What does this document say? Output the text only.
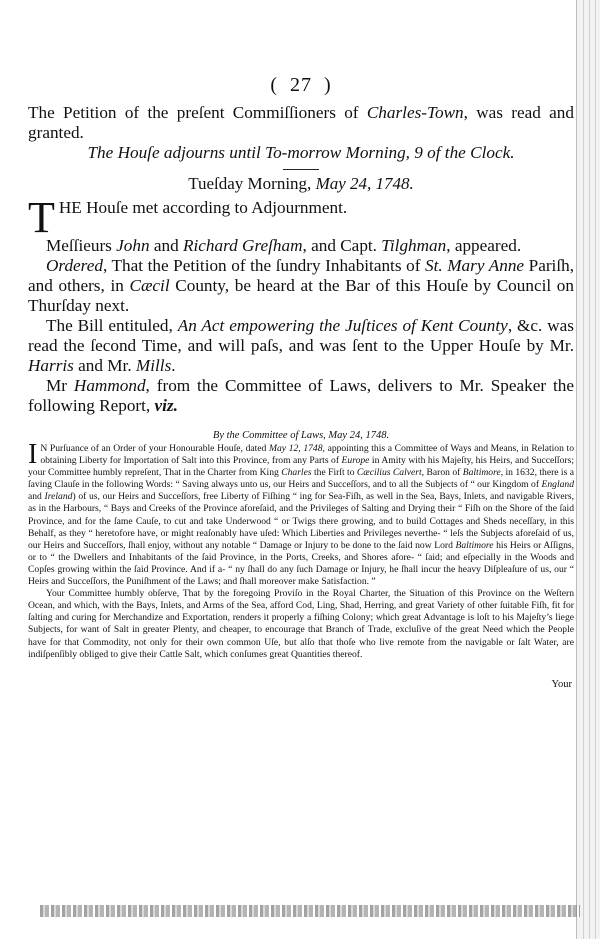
( 27 )

The Petition of the preſent Commiſſioners of Charles-Town, was read and granted.

The Houſe adjourns until To-morrow Morning, 9 of the Clock.

Tueſday Morning, May 24, 1748.
T HE Houſe met according to Adjournment.

Meſſieurs John and Richard Greſham, and Capt. Tilghman, appeared.

Ordered, That the Petition of the ſundry Inhabitants of St. Mary Anne Pariſh, and others, in Cæcil County, be heard at the Bar of this Houſe by Council on Thurſday next.

The Bill entituled, An Act empowering the Juſtices of Kent County, &c. was read the ſecond Time, and will paſs, and was ſent to the Upper Houſe by Mr. Harris and Mr. Mills.

Mr Hammond, from the Committee of Laws, delivers to Mr. Speaker the following Report, viz.

By the Committee of Laws, May 24, 1748.

I N Purſuance of an Order of your Honourable Houſe, dated May 12, 1748, appointing this a Committee of Ways and Means, in Relation to obtaining Liberty for Importation of Salt into this Province, from any Parts of Europe in Amity with his Majeſty, his Heirs, and Succeſſors; your Committee humbly repreſent, That in the Charter from King Charles the Firſt to Cæcilius Calvert, Baron of Baltimore, in 1632, there is a ſaving Clauſe in the following Words: “ Saving always unto us, our Heirs and Succeſſors, and to all the Subjects of “ our Kingdom of England and Ireland) of us, our Heirs and Succeſſors, free Liberty of Fiſhing “ ing for Sea-Fiſh, as well in the Sea, Bays, Inlets, and navigable Rivers, as in the Harbours, “ Bays and Creeks of the Province aforeſaid, and the Privileges of Salting and Drying their “ Fiſh on the Shore of the ſaid Province, and for the ſame Cauſe, to cut and take Underwood “ or Twigs there growing, and to build Cottages and Sheds neceſſary, in this Behalf, as they “ heretofore have, or might reaſonably have uſed: Which Liberties and Privileges neverthe- “ leſs the Subjects aforeſaid of us, our Heirs and Succeſſors, ſhall enjoy, without any notable “ Damage or Injury to be done to the ſaid now Lord Baltimore his Heirs or Aſſigns, or to “ the Dwellers and Inhabitants of the ſaid Province, in the Ports, Creeks, and Shores afore- “ ſaid; and eſpecially in the Woods and Copſes growing within the ſaid Province. And if a- “ ny ſhall do any ſuch Damage or Injury, he ſhall incur the heavy Diſpleaſure of us, our “ Heirs and Succeſſors, the Puniſhment of the Laws; and ſhall moreover make Satisfaction. ”

Your Committee humbly obſerve, That by the foregoing Proviſo in the Royal Charter, the Situation of this Province on the Weſtern Ocean, and which, with the Bays, Inlets, and Arms of the Sea, afford Cod, Ling, Shad, Herring, and great Variety of other ſuitable Fiſh, fit for ſalting and curing for Merchandize and Exportation, renders it properly a fiſhing Colony; which great Advantage is loſt to his Majeſty’s liege Subjects, for want of Salt in greater Plenty, and cheaper, to encourage that Branch of Trade, excluſive of the great Need which the People have for that Commodity, not only for their own common Uſe, but alſo that thoſe who live remote from the navigable or ſalt Water, are indiſpenſibly obliged to give their Cattle Salt, which conſumes great Quantities thereof.

Your
